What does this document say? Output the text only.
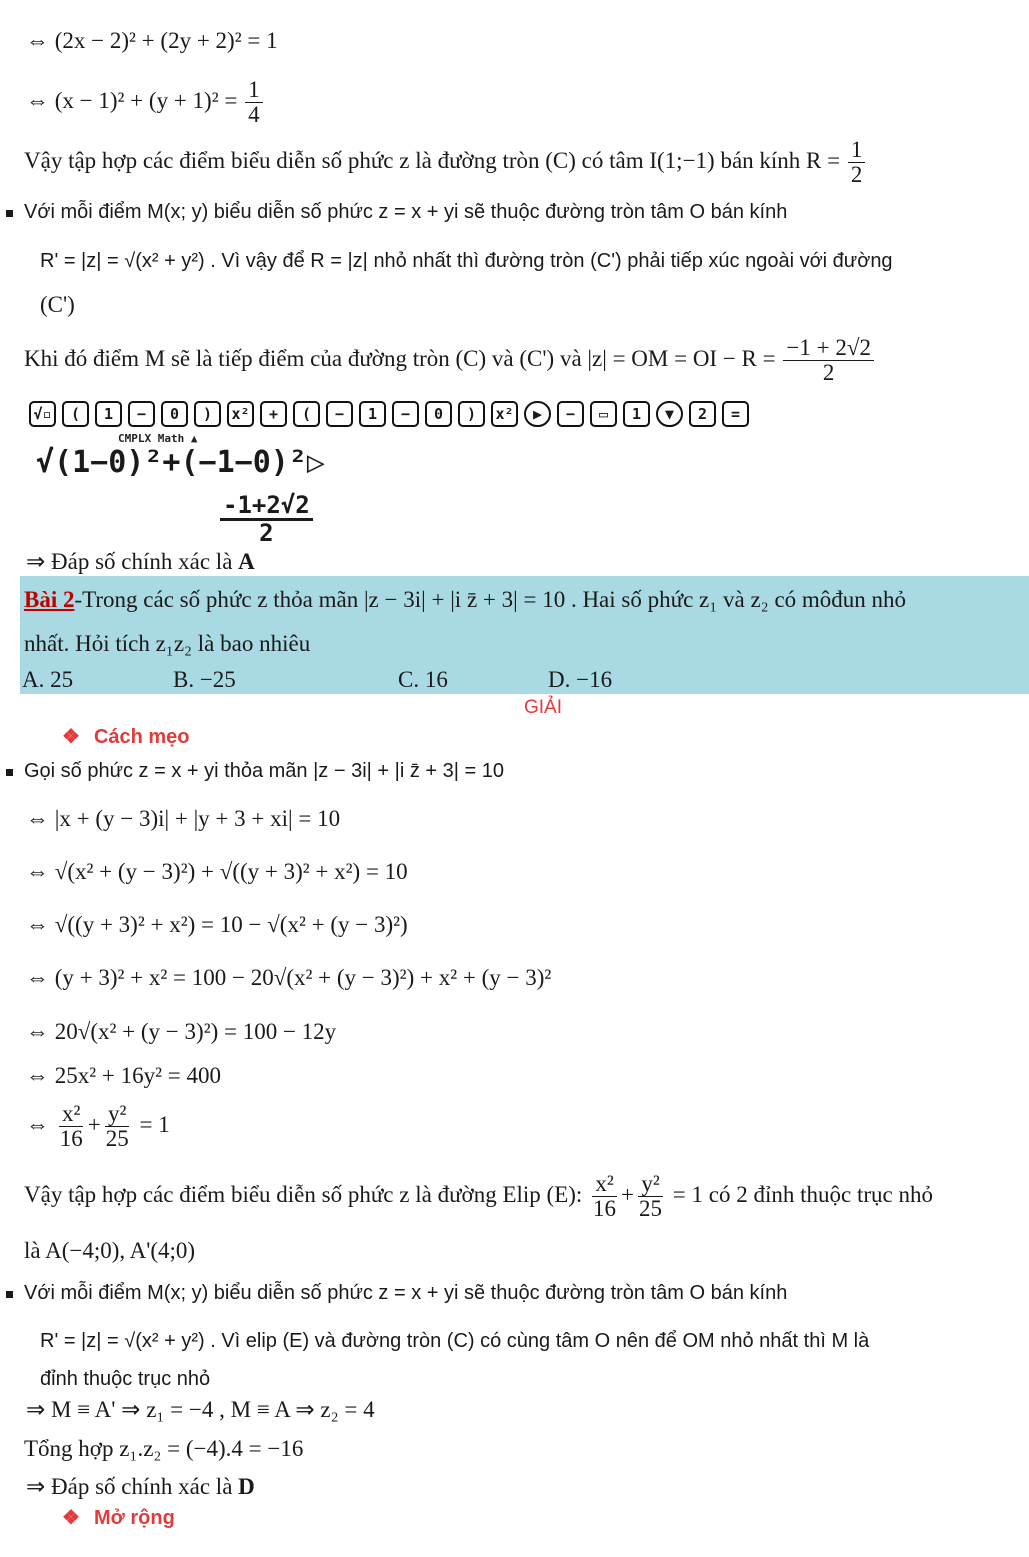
⇔ (2x − 2)² + (2y + 2)² = 1
⇔ $(x - 1)^2 + (y + 1)^2 = \frac{1}{4}$
Vậy tập hợp các điểm biểu diễn số phức z là đường tròn (C) có tâm I(1;−1) bán kính $R = \frac{1}{2}$
Với mỗi điểm M(x; y) biểu diễn số phức z = x + yi sẽ thuộc đường tròn tâm O bán kính
R' = |z| = √(x² + y²) . Vì vậy để R = |z| nhỏ nhất thì đường tròn (C') phải tiếp xúc ngoài với đường
(C')
Khi đó điểm M sẽ là tiếp điểm của đường tròn (C) và (C') và |z| = OM = OI − $R = \frac{-1 + 2√2}{2}$
√▫	(	1	−	0	)	x²	+	(	−	1	−	0	)	x²	▶	−	▭	1	▼	2	=
CMPLX Math ▲
√(1−0)²+(−1−0)²▷
$\frac{-1+2√2}{2}$
⇒ Đáp số chính xác là A
Bài 2-Trong các số phức z thỏa mãn |z − 3i| + |i z̄ + 3| = 10 . Hai số phức z₁ và z₂ có môđun nhỏ
nhất. Hỏi tích z₁z₂ là bao nhiêu
A. 25	B. −25	C. 16	D. −16
GIẢI
❖ Cách mẹo
Gọi số phức z = x + yi thỏa mãn |z − 3i| + |i z̄ + 3| = 10
⇔ |x + (y − 3)i| + |y + 3 + xi| = 10
⇔ √(x² + (y − 3)²) + √((y + 3)² + x²) = 10
⇔ √((y + 3)² + x²) = 10 − √(x² + (y − 3)²)
⇔ (y + 3)² + x² = 100 − 20√(x² + (y − 3)²) + x² + (y − 3)²
⇔ 20√(x² + (y − 3)²) = 100 − 12y
⇔ 25x² + 16y² = 400
⇔ $\frac{\text{x²}}{16} + \frac{\text{y²}}{25} = 1$
Vậy tập hợp các điểm biểu diễn số phức z là đường Elip (E): $\frac{\text{x²}}{16} + \frac{\text{y²}}{25} = 1$ có 2 đỉnh thuộc trục nhỏ
là A(−4;0), A'(4;0)
Với mỗi điểm M(x; y) biểu diễn số phức z = x + yi sẽ thuộc đường tròn tâm O bán kính
R' = |z| = √(x² + y²) . Vì elip (E) và đường tròn (C) có cùng tâm O nên để OM nhỏ nhất thì M là
đỉnh thuộc trục nhỏ
⇒ M ≡ A' ⇒ z₁ = −4 , M ≡ A ⇒ z₂ = 4
Tổng hợp z₁.z₂ = (−4).4 = −16
⇒ Đáp số chính xác là D
❖ Mở rộng
